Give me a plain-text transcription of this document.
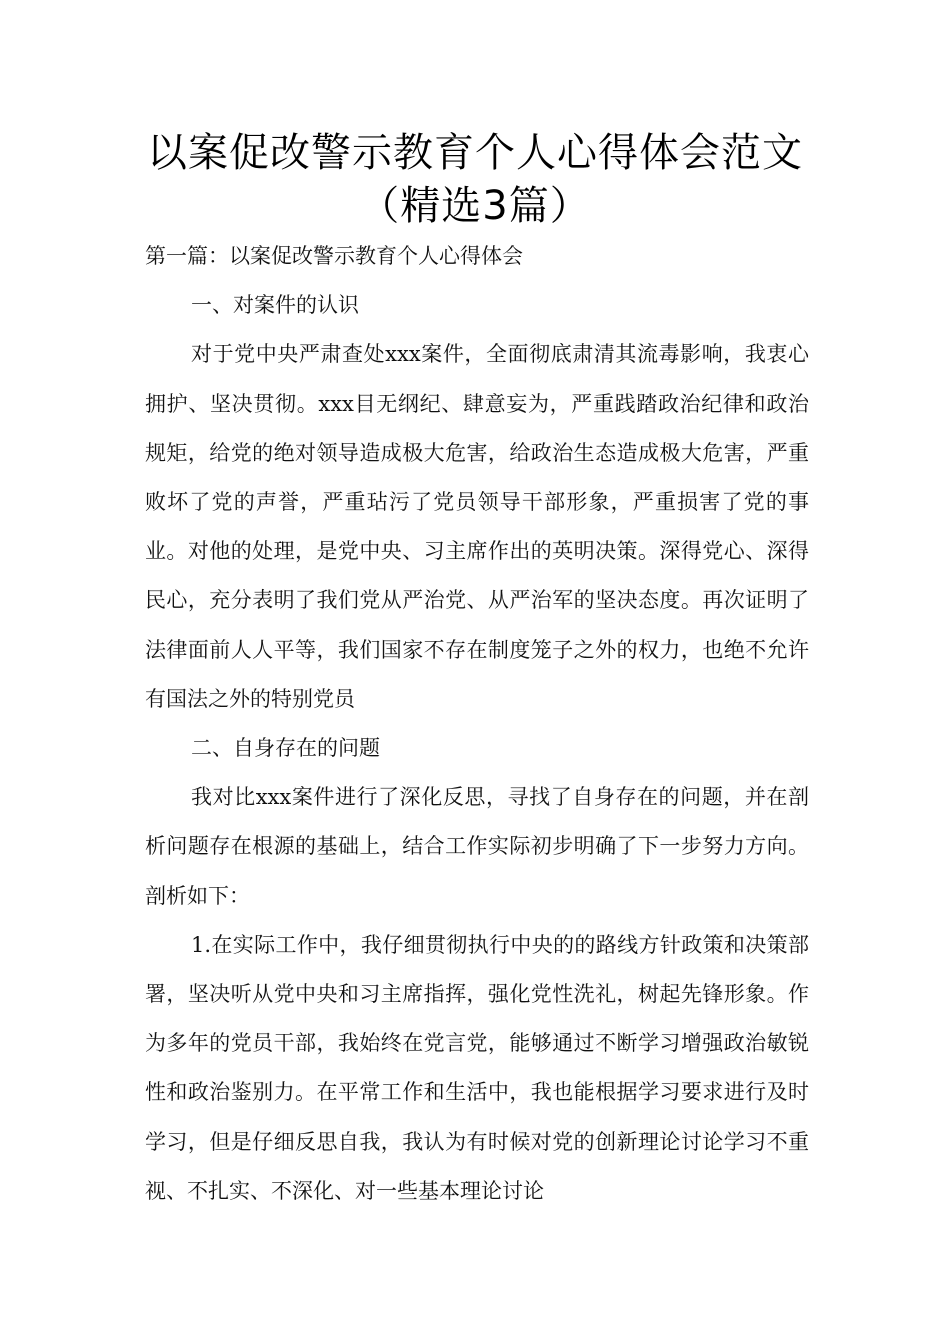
以案促改警示教育个人心得体会范文
（精选3篇）

第一篇：以案促改警示教育个人心得体会

一、对案件的认识

对于党中央严肃查处xxx案件，全面彻底肃清其流毒影响，我衷心拥护、坚决贯彻。xxx目无纲纪、肆意妄为，严重践踏政治纪律和政治规矩，给党的绝对领导造成极大危害，给政治生态造成极大危害，严重败坏了党的声誉，严重玷污了党员领导干部形象，严重损害了党的事业。对他的处理，是党中央、习主席作出的英明决策。深得党心、深得民心，充分表明了我们党从严治党、从严治军的坚决态度。再次证明了法律面前人人平等，我们国家不存在制度笼子之外的权力，也绝不允许有国法之外的特别党员

二、自身存在的问题

我对比xxx案件进行了深化反思，寻找了自身存在的问题，并在剖析问题存在根源的基础上，结合工作实际初步明确了下一步努力方向。剖析如下：

1.在实际工作中，我仔细贯彻执行中央的的路线方针政策和决策部署，坚决听从党中央和习主席指挥，强化党性洗礼，树起先锋形象。作为多年的党员干部，我始终在党言党，能够通过不断学习增强政治敏锐性和政治鉴别力。在平常工作和生活中，我也能根据学习要求进行及时学习，但是仔细反思自我，我认为有时候对党的创新理论讨论学习不重视、不扎实、不深化、对一些基本理论讨论
